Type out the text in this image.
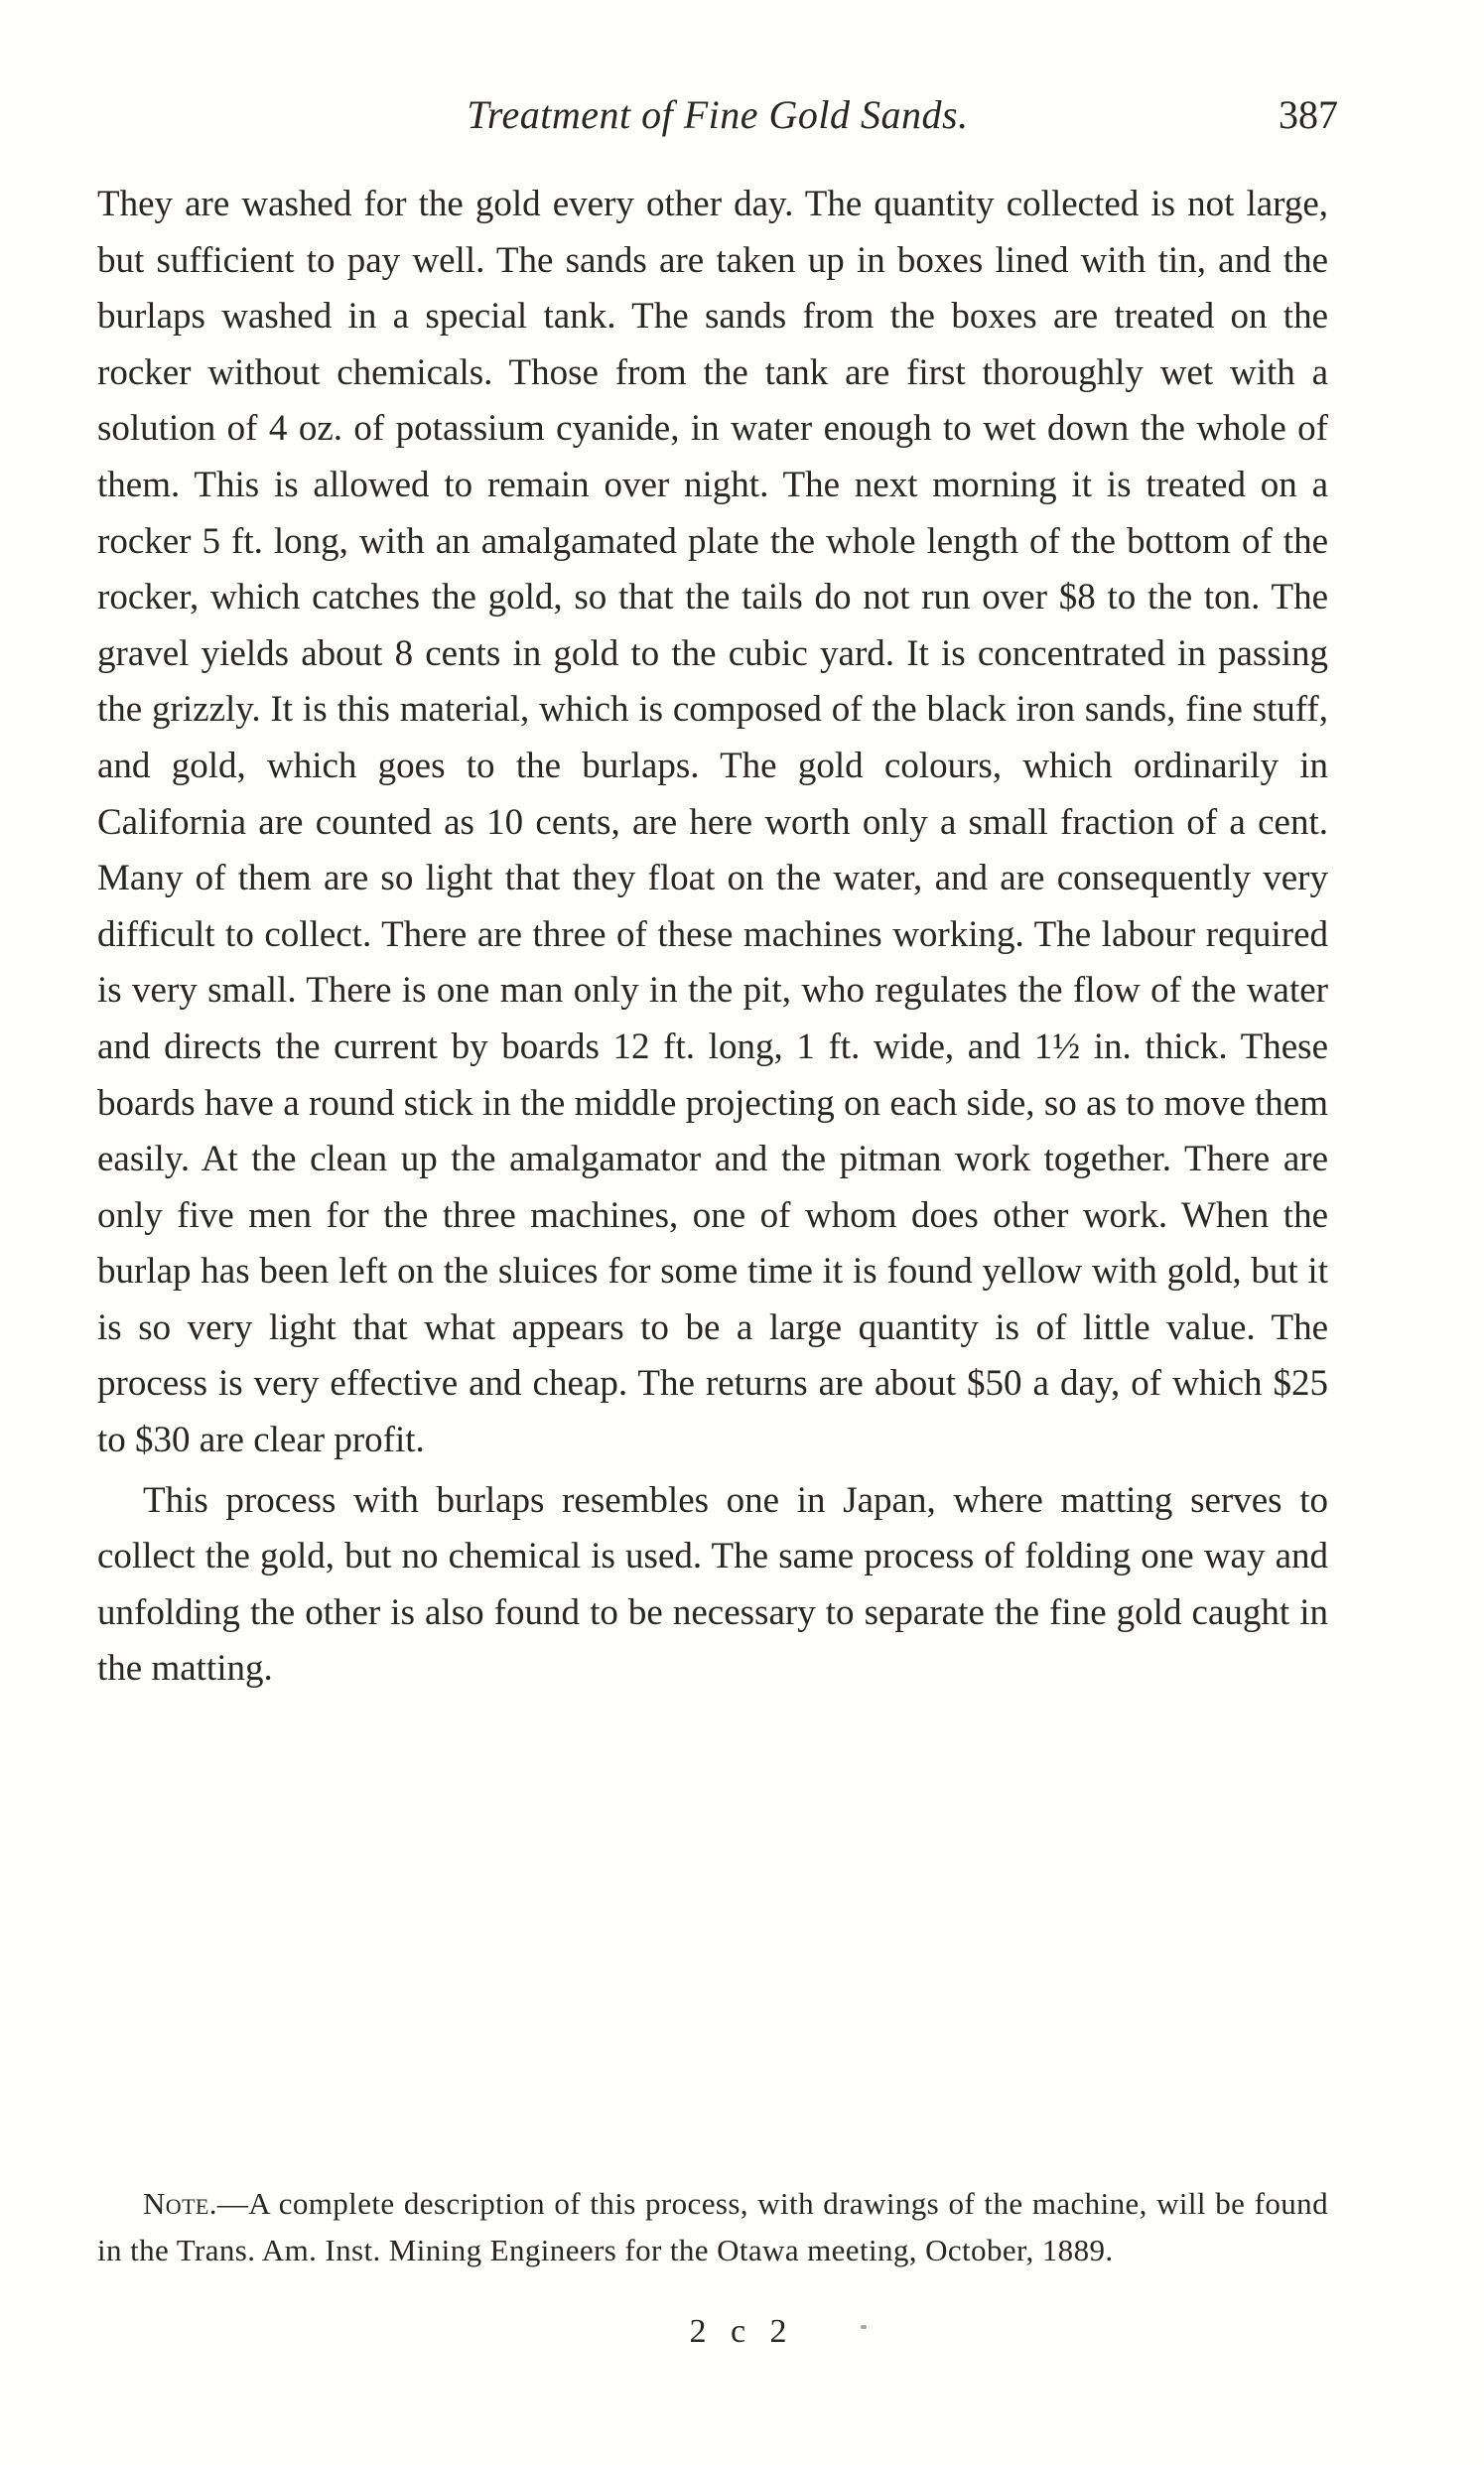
Treatment of Fine Gold Sands.	387

They are washed for the gold every other day. The quantity collected is not large, but sufficient to pay well. The sands are taken up in boxes lined with tin, and the burlaps washed in a special tank. The sands from the boxes are treated on the rocker without chemicals. Those from the tank are first thoroughly wet with a solution of 4 oz. of potassium cyanide, in water enough to wet down the whole of them. This is allowed to remain over night. The next morning it is treated on a rocker 5 ft. long, with an amalgamated plate the whole length of the bottom of the rocker, which catches the gold, so that the tails do not run over $8 to the ton. The gravel yields about 8 cents in gold to the cubic yard. It is concentrated in passing the grizzly. It is this material, which is composed of the black iron sands, fine stuff, and gold, which goes to the burlaps. The gold colours, which ordinarily in California are counted as 10 cents, are here worth only a small fraction of a cent. Many of them are so light that they float on the water, and are consequently very difficult to collect. There are three of these machines working. The labour required is very small. There is one man only in the pit, who regulates the flow of the water and directs the current by boards 12 ft. long, 1 ft. wide, and 1½ in. thick. These boards have a round stick in the middle projecting on each side, so as to move them easily. At the clean up the amalgamator and the pitman work together. There are only five men for the three machines, one of whom does other work. When the burlap has been left on the sluices for some time it is found yellow with gold, but it is so very light that what appears to be a large quantity is of little value. The process is very effective and cheap. The returns are about $50 a day, of which $25 to $30 are clear profit.

This process with burlaps resembles one in Japan, where matting serves to collect the gold, but no chemical is used. The same process of folding one way and unfolding the other is also found to be necessary to separate the fine gold caught in the matting.

Note.—A complete description of this process, with drawings of the machine, will be found in the Trans. Am. Inst. Mining Engineers for the Otawa meeting, October, 1889.
2 c 2
